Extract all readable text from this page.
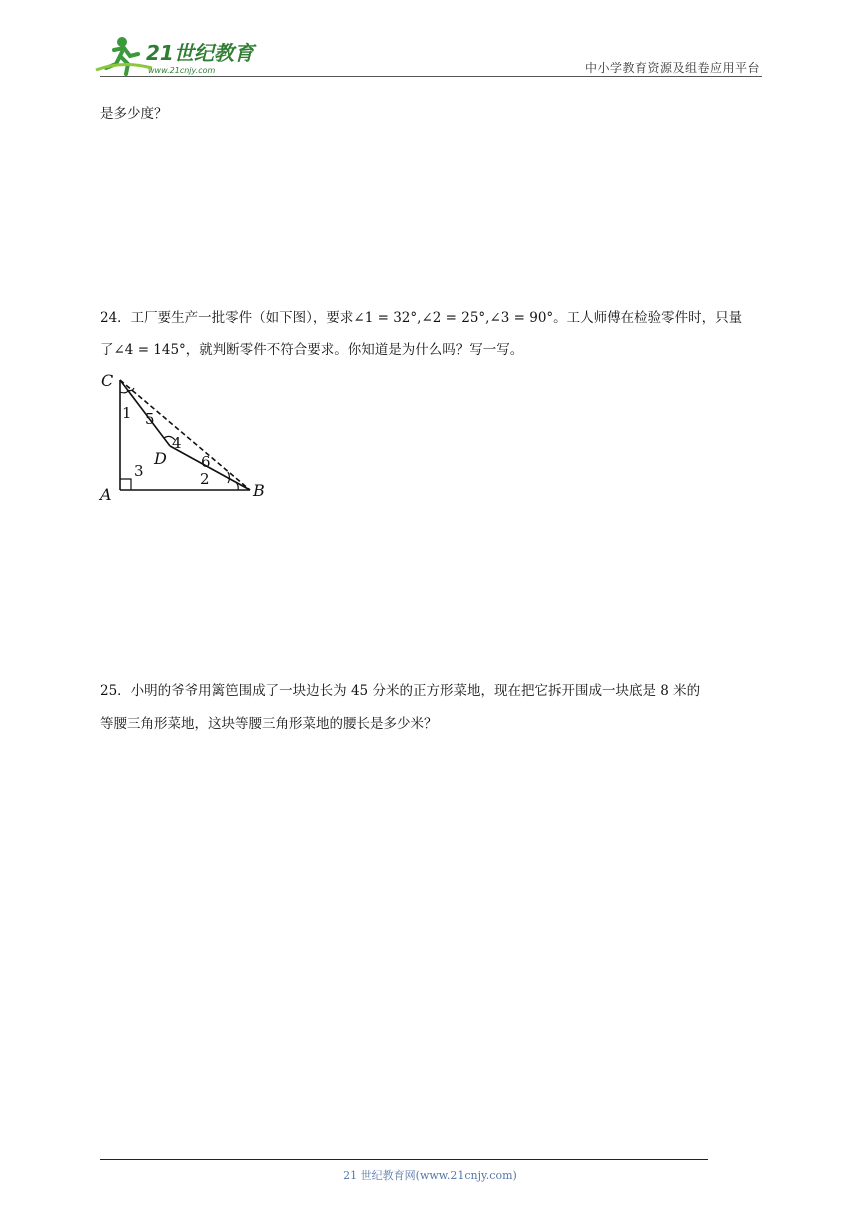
21世纪教育
www.21cnjy.com	中小学教育资源及组卷应用平台
是多少度？
24．工厂要生产一批零件（如下图），要求∠1 = 32°,∠2 = 25°,∠3 = 90°。工人师傅在检验零件时，只量
了∠4 = 145°，就判断零件不符合要求。你知道是为什么吗？写一写。
C
A	B
D
1 5
4
6
3	2
25．小明的爷爷用篱笆围成了一块边长为 45 分米的正方形菜地，现在把它拆开围成一块底是 8 米的
等腰三角形菜地，这块等腰三角形菜地的腰长是多少米？
21 世纪教育网(www.21cnjy.com)
